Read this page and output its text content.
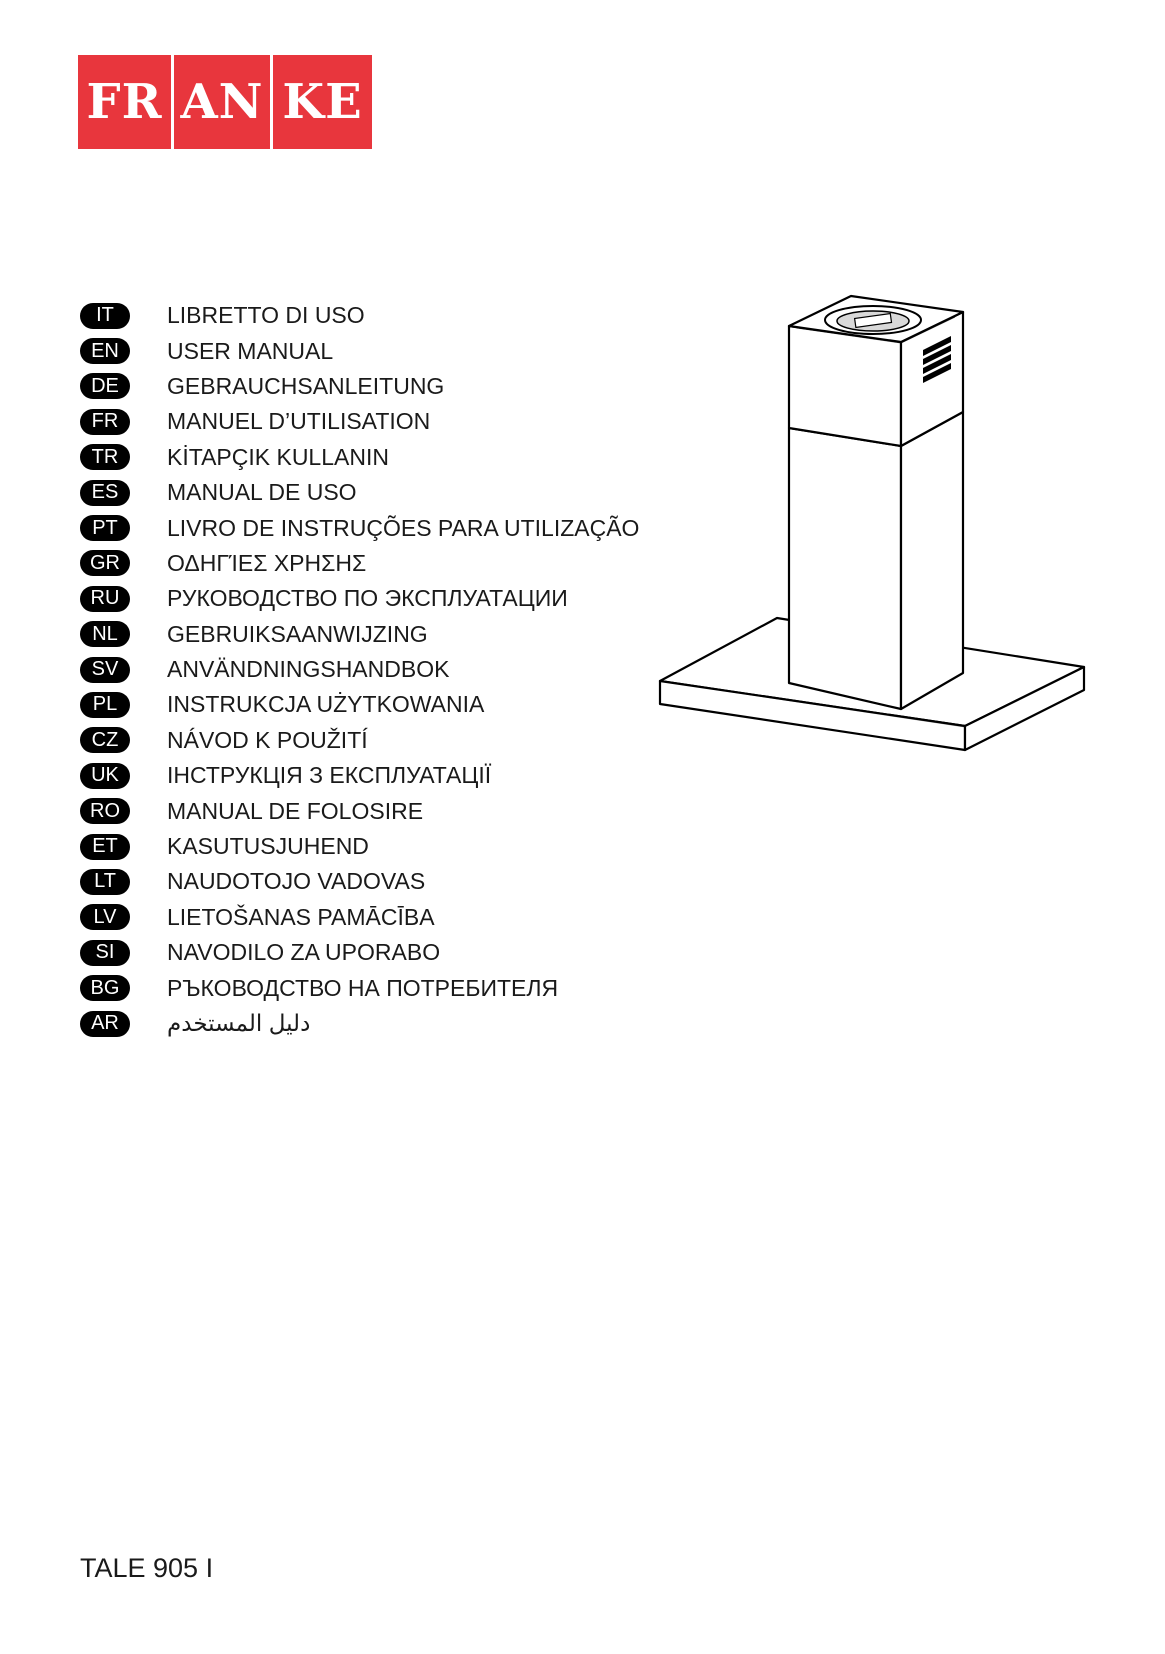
FR AN KE
IT	LIBRETTO DI USO
EN	USER MANUAL
DE	GEBRAUCHSANLEITUNG
FR	MANUEL D’UTILISATION
TR	KİTAPÇIK KULLANIN
ES	MANUAL DE USO
PT	LIVRO DE INSTRUÇÕES PARA UTILIZAÇÃO
GR	ΟΔΗΓΊΕΣ ΧΡΗΣΗΣ
RU	РУКОВОДСТВО ПО ЭКСПЛУАТАЦИИ
NL	GEBRUIKSAANWIJZING
SV	ANVÄNDNINGSHANDBOK
PL	INSTRUKCJA UŻYTKOWANIA
CZ	NÁVOD K POUŽITÍ
UK	ІНСТРУКЦІЯ З ЕКСПЛУАТАЦІЇ
RO	MANUAL DE FOLOSIRE
ET	KASUTUSJUHEND
LT	NAUDOTOJO VADOVAS
LV	LIETOŠANAS PAMĀCĪBA
SI	NAVODILO ZA UPORABO
BG	РЪКОВОДСТВО НА ПОТРЕБИТЕЛЯ
AR	دليل المستخدم
TALE 905 I
